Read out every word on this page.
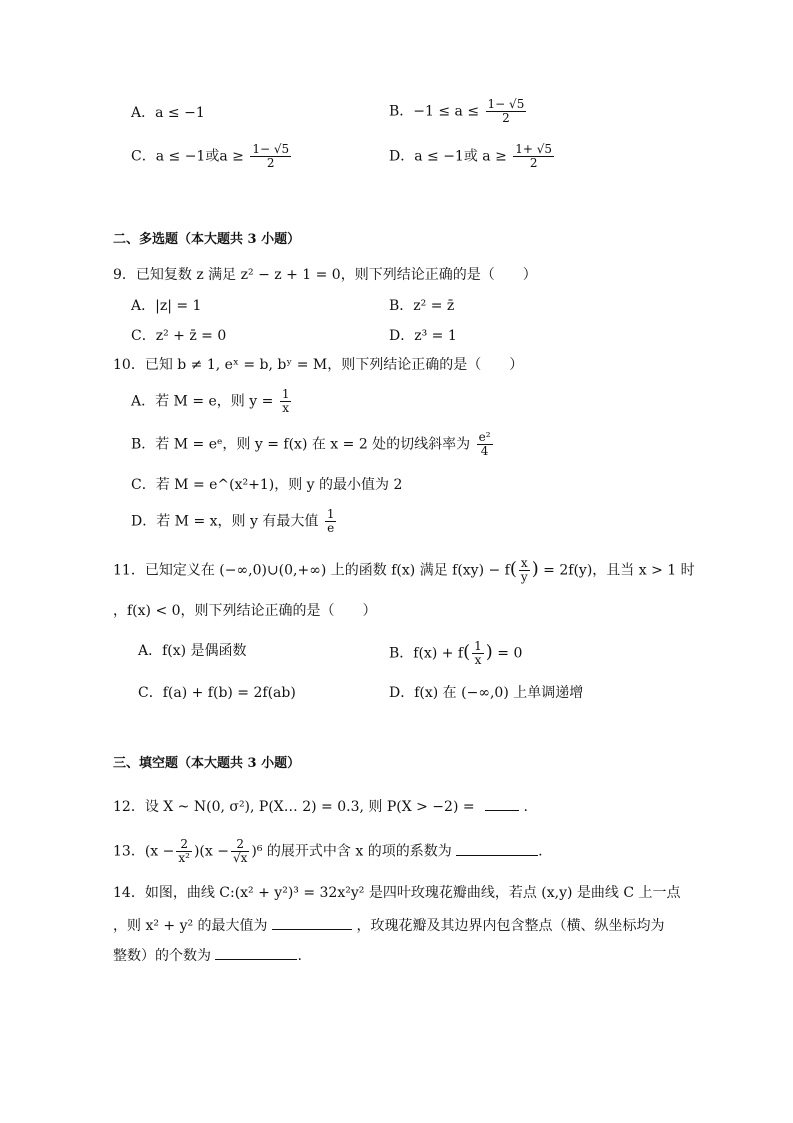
A．a ≤ −1	B．$-1 \le a \le \frac{1- √5}{2}$
C．a ≤ −1或$a \ge \frac{1- √5}{2}$	D．a ≤ −1或 $a \ge \frac{1+ √5}{2}$
二、多选题（本大题共 3 小题）
9．已知复数 z 满足 z² − z + 1 = 0，则下列结论正确的是（　　）
A．|z| = 1	B．z² = z̄
C．z² + z̄ = 0	D．z³ = 1
10．已知 b ≠ 1, eˣ = b, bʸ = M，则下列结论正确的是（　　）
A．若 M = e，则 $y = \frac{1}{x}$
B．若 M = eᵉ，则 y = f(x) 在 x = 2 处的切线斜率为 $\frac{\text{e²}}{4}$
C．若 M = e^(x²+1)，则 y 的最小值为 2
D．若 M = x，则 y 有最大值 $\frac{1}{e}$
11．已知定义在 (−∞,0)∪(0,+∞) 上的函数 f(x) 满足 $f(xy) - f( \frac{x}{y}$ ) = 2f(y)，且当 x > 1 时
，f(x) < 0，则下列结论正确的是（　　）
A．f(x) 是偶函数	B．$f(x) + f( \frac{1}{x}$ ) = 0
C．f(a) + f(b) = 2f(ab)	D．f(x) 在 (−∞,0) 上单调递增
三、填空题（本大题共 3 小题）
12．设 X ~ N(0, σ²), P(X… 2) = 0.3, 则 P(X > −2) =	.
13．$(x - \frac{2}{\text{x²}} )(x - \frac{2}{√x} )^6$ 的展开式中含 x 的项的系数为	.
14．如图，曲线 C:(x² + y²)³ = 32x²y² 是四叶玫瑰花瓣曲线，若点 (x,y) 是曲线 C 上一点
，则 x² + y² 的最大值为	，玫瑰花瓣及其边界内包含整点（横、纵坐标均为
整数）的个数为	.
